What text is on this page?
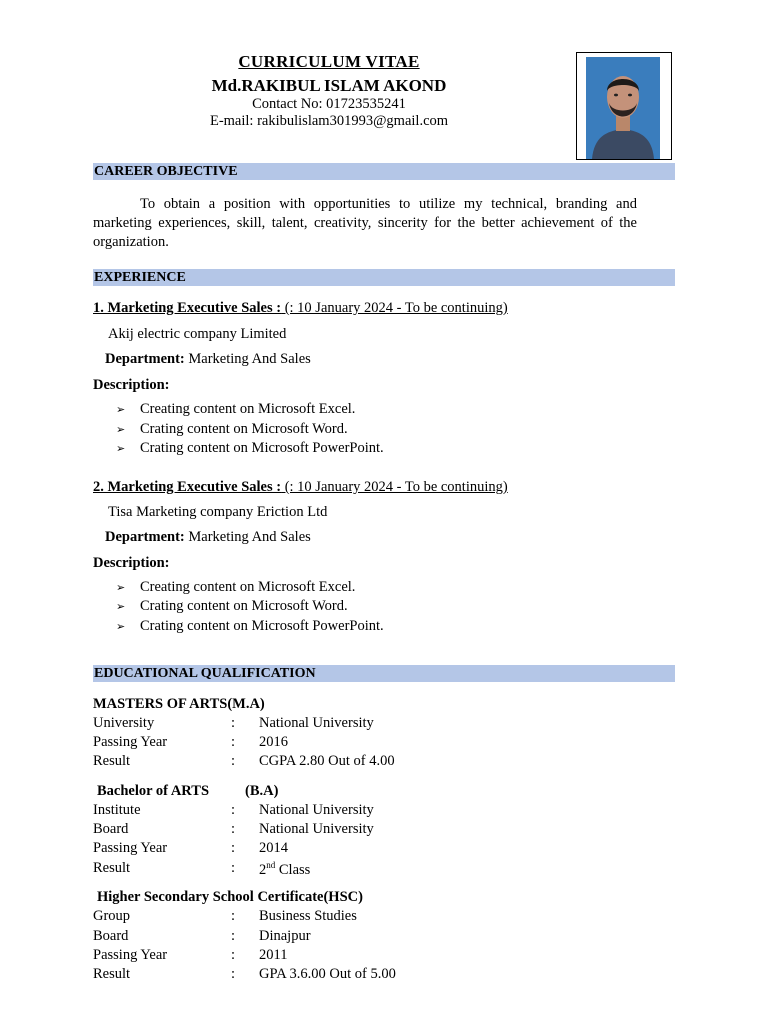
CURRICULUM VITAE
Md.RAKIBUL ISLAM AKOND
Contact No: 01723535241
E-mail: rakibulislam301993@gmail.com
CAREER OBJECTIVE
To obtain a position with opportunities to utilize my technical, branding and marketing experiences, skill, talent, creativity, sincerity for the better achievement of the organization.
EXPERIENCE
1. Marketing Executive Sales : (: 10 January 2024 - To be continuing)
Akij electric company Limited
Department: Marketing And Sales
Description:
➢ Creating content on Microsoft Excel.
➢ Crating content on Microsoft Word.
➢ Crating content on Microsoft PowerPoint.
2. Marketing Executive Sales : (: 10 January 2024 - To be continuing)
Tisa Marketing company Eriction Ltd
Department: Marketing And Sales
Description:
➢ Creating content on Microsoft Excel.
➢ Crating content on Microsoft Word.
➢ Crating content on Microsoft PowerPoint.
EDUCATIONAL QUALIFICATION
MASTERS OF ARTS(M.A)
University	: National University
Passing Year	: 2016
Result	: CGPA 2.80 Out of 4.00
Bachelor of ARTS (B.A)
Institute	: National University
Board	: National University
Passing Year	: 2014
Result	: 2nd Class
Higher Secondary School Certificate(HSC)
Group	: Business Studies
Board	: Dinajpur
Passing Year	: 2011
Result	: GPA 3.6.00 Out of 5.00
